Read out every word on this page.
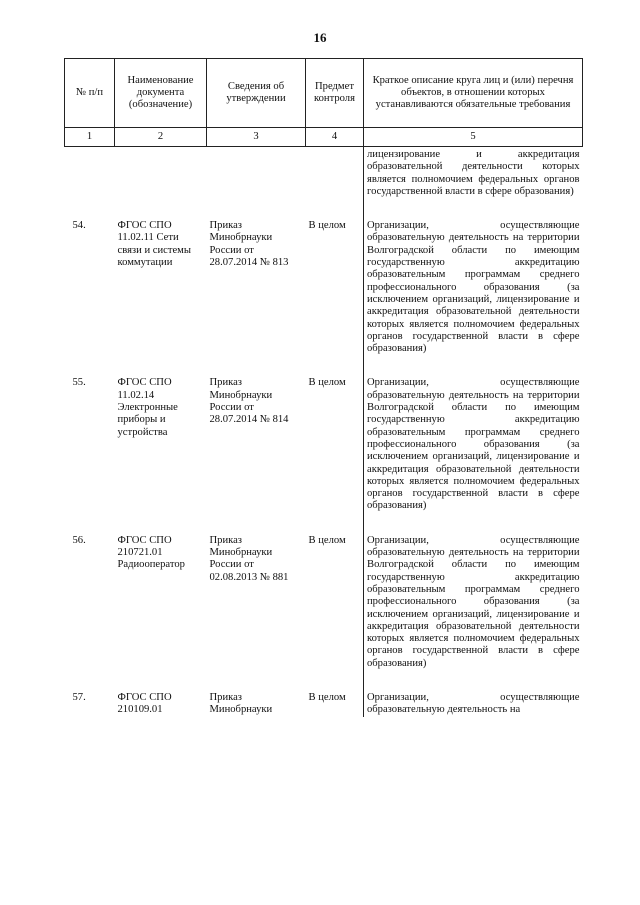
16
№ п/п	Наименование документа (обозначение)	Сведения об утверждении	Предмет контроля	Краткое описание круга лиц и (или) перечня объектов, в отношении которых устанавливаются обязательные требования
1	2	3	4	5
				лицензирование и аккредитация образовательной деятельности которых является полномочием федеральных органов государственной власти в сфере образования)
54.	ФГОС СПО 11.02.11 Сети связи и системы коммутации	Приказ Минобрнауки России от 28.07.2014 № 813	В целом	Организации, осуществляющие образовательную деятельность на территории Волгоградской области по имеющим государственную аккредитацию образовательным программам среднего профессионального образования (за исключением организаций, лицензирование и аккредитация образовательной деятельности которых является полномочием федеральных органов государственной власти в сфере образования)
55.	ФГОС СПО 11.02.14 Электронные приборы и устройства	Приказ Минобрнауки России от 28.07.2014 № 814	В целом	Организации, осуществляющие образовательную деятельность на территории Волгоградской области по имеющим государственную аккредитацию образовательным программам среднего профессионального образования (за исключением организаций, лицензирование и аккредитация образовательной деятельности которых является полномочием федеральных органов государственной власти в сфере образования)
56.	ФГОС СПО 210721.01 Радиооператор	Приказ Минобрнауки России от 02.08.2013 № 881	В целом	Организации, осуществляющие образовательную деятельность на территории Волгоградской области по имеющим государственную аккредитацию образовательным программам среднего профессионального образования (за исключением организаций, лицензирование и аккредитация образовательной деятельности которых является полномочием федеральных органов государственной власти в сфере образования)
57.	ФГОС СПО 210109.01	Приказ Минобрнауки	В целом	Организации, осуществляющие образовательную деятельность на
